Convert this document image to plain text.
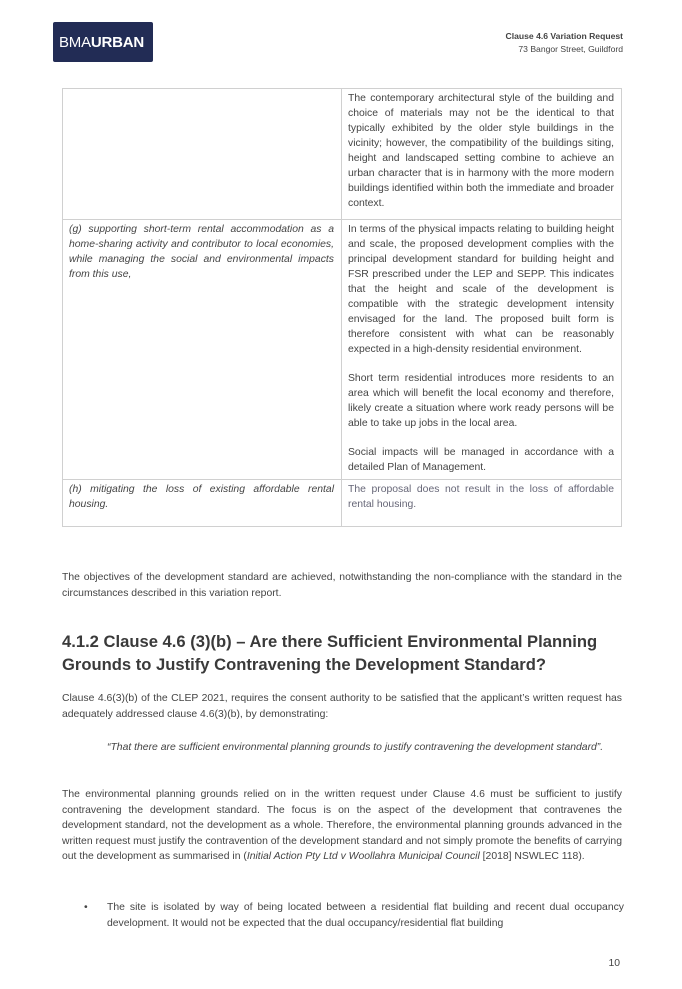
BMA URBAN	Clause 4.6 Variation Request
73 Bangor Street, Guildford
	The contemporary architectural style of the building and choice of materials may not be the identical to that typically exhibited by the older style buildings in the vicinity; however, the compatibility of the buildings siting, height and landscaped setting combine to achieve an urban character that is in harmony with the more modern buildings identified within both the immediate and broader context.
(g) supporting short-term rental accommodation as a home-sharing activity and contributor to local economies, while managing the social and environmental impacts from this use,	In terms of the physical impacts relating to building height and scale, the proposed development complies with the principal development standard for building height and FSR prescribed under the LEP and SEPP. This indicates that the height and scale of the development is compatible with the strategic development intensity envisaged for the land. The proposed built form is therefore consistent with what can be reasonably expected in a high-density residential environment.

Short term residential introduces more residents to an area which will benefit the local economy and therefore, likely create a situation where work ready persons will be able to take up jobs in the local area.

Social impacts will be managed in accordance with a detailed Plan of Management.

(h) mitigating the loss of existing affordable rental housing.	The proposal does not result in the loss of affordable rental housing.

The objectives of the development standard are achieved, notwithstanding the non-compliance with the standard in the circumstances described in this variation report.

4.1.2 Clause 4.6 (3)(b) – Are there Sufficient Environmental Planning Grounds to Justify Contravening the Development Standard?

Clause 4.6(3)(b) of the CLEP 2021, requires the consent authority to be satisfied that the applicant’s written request has adequately addressed clause 4.6(3)(b), by demonstrating:

“That there are sufficient environmental planning grounds to justify contravening the development standard”.

The environmental planning grounds relied on in the written request under Clause 4.6 must be sufficient to justify contravening the development standard. The focus is on the aspect of the development that contravenes the development standard, not the development as a whole. Therefore, the environmental planning grounds advanced in the written request must justify the contravention of the development standard and not simply promote the benefits of carrying out the development as summarised in (Initial Action Pty Ltd v Woollahra Municipal Council [2018] NSWLEC 118).

•	The site is isolated by way of being located between a residential flat building and recent dual occupancy development. It would not be expected that the dual occupancy/residential flat building
10
